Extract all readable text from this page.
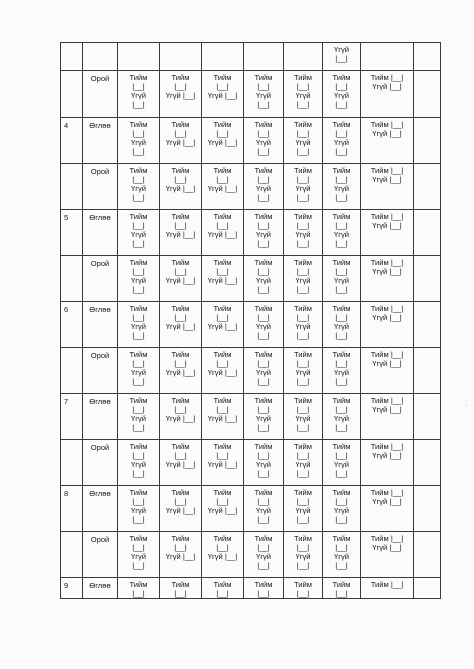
							Үгүй
|__|		

	Орой	Тийм
|__|
Үгүй
|__|	Тийм
|__|
Үгүй |__|	Тийм
|__|
Үгүй |__|	Тийм
|__|
Үгүй
|__|	Тийм
|__|
Үгүй
|__|	Тийм
|__|
Үгүй
|__|	Тийм |__|
Үгүй |__|	

4	Өглөө	Тийм
|__|
Үгүй
|__|	Тийм
|__|
Үгүй |__|	Тийм
|__|
Үгүй |__|	Тийм
|__|
Үгүй
|__|	Тийм
|__|
Үгүй
|__|	Тийм
|__|
Үгүй
|__|	Тийм |__|
Үгүй |__|	

	Орой	Тийм
|__|
Үгүй
|__|	Тийм
|__|
Үгүй |__|	Тийм
|__|
Үгүй |__|	Тийм
|__|
Үгүй
|__|	Тийм
|__|
Үгүй
|__|	Тийм
|__|
Үгүй
|__|	Тийм |__|
Үгүй |__|	

5	Өглөө	Тийм
|__|
Үгүй
|__|	Тийм
|__|
Үгүй |__|	Тийм
|__|
Үгүй |__|	Тийм
|__|
Үгүй
|__|	Тийм
|__|
Үгүй
|__|	Тийм
|__|
Үгүй
|__|	Тийм |__|
Үгүй |__|	

	Орой	Тийм
|__|
Үгүй
|__|	Тийм
|__|
Үгүй |__|	Тийм
|__|
Үгүй |__|	Тийм
|__|
Үгүй
|__|	Тийм
|__|
Үгүй
|__|	Тийм
|__|
Үгүй
|__|	Тийм |__|
Үгүй |__|	

6	Өглөө	Тийм
|__|
Үгүй
|__|	Тийм
|__|
Үгүй |__|	Тийм
|__|
Үгүй |__|	Тийм
|__|
Үгүй
|__|	Тийм
|__|
Үгүй
|__|	Тийм
|__|
Үгүй
|__|	Тийм |__|
Үгүй |__|	

	Орой	Тийм
|__|
Үгүй
|__|	Тийм
|__|
Үгүй |__|	Тийм
|__|
Үгүй |__|	Тийм
|__|
Үгүй
|__|	Тийм
|__|
Үгүй
|__|	Тийм
|__|
Үгүй
|__|	Тийм |__|
Үгүй |__|	

7	Өглөө	Тийм
|__|
Үгүй
|__|	Тийм
|__|
Үгүй |__|	Тийм
|__|
Үгүй |__|	Тийм
|__|
Үгүй
|__|	Тийм
|__|
Үгүй
|__|	Тийм
|__|
Үгүй
|__|	Тийм |__|
Үгүй |__|	

	Орой	Тийм
|__|
Үгүй
|__|	Тийм
|__|
Үгүй |__|	Тийм
|__|
Үгүй |__|	Тийм
|__|
Үгүй
|__|	Тийм
|__|
Үгүй
|__|	Тийм
|__|
Үгүй
|__|	Тийм |__|
Үгүй |__|	

8	Өглөө	Тийм
|__|
Үгүй
|__|	Тийм
|__|
Үгүй |__|	Тийм
|__|
Үгүй |__|	Тийм
|__|
Үгүй
|__|	Тийм
|__|
Үгүй
|__|	Тийм
|__|
Үгүй
|__|	Тийм |__|
Үгүй |__|	

	Орой	Тийм
|__|
Үгүй
|__|	Тийм
|__|
Үгүй |__|	Тийм
|__|
Үгүй |__|	Тийм
|__|
Үгүй
|__|	Тийм
|__|
Үгүй
|__|	Тийм
|__|
Үгүй
|__|	Тийм |__|
Үгүй |__|	

9	Өглөө	Тийм
|__|	Тийм
|__|	Тийм
|__|	Тийм
|__|	Тийм
|__|	Тийм
|__|	Тийм |__|	

'
